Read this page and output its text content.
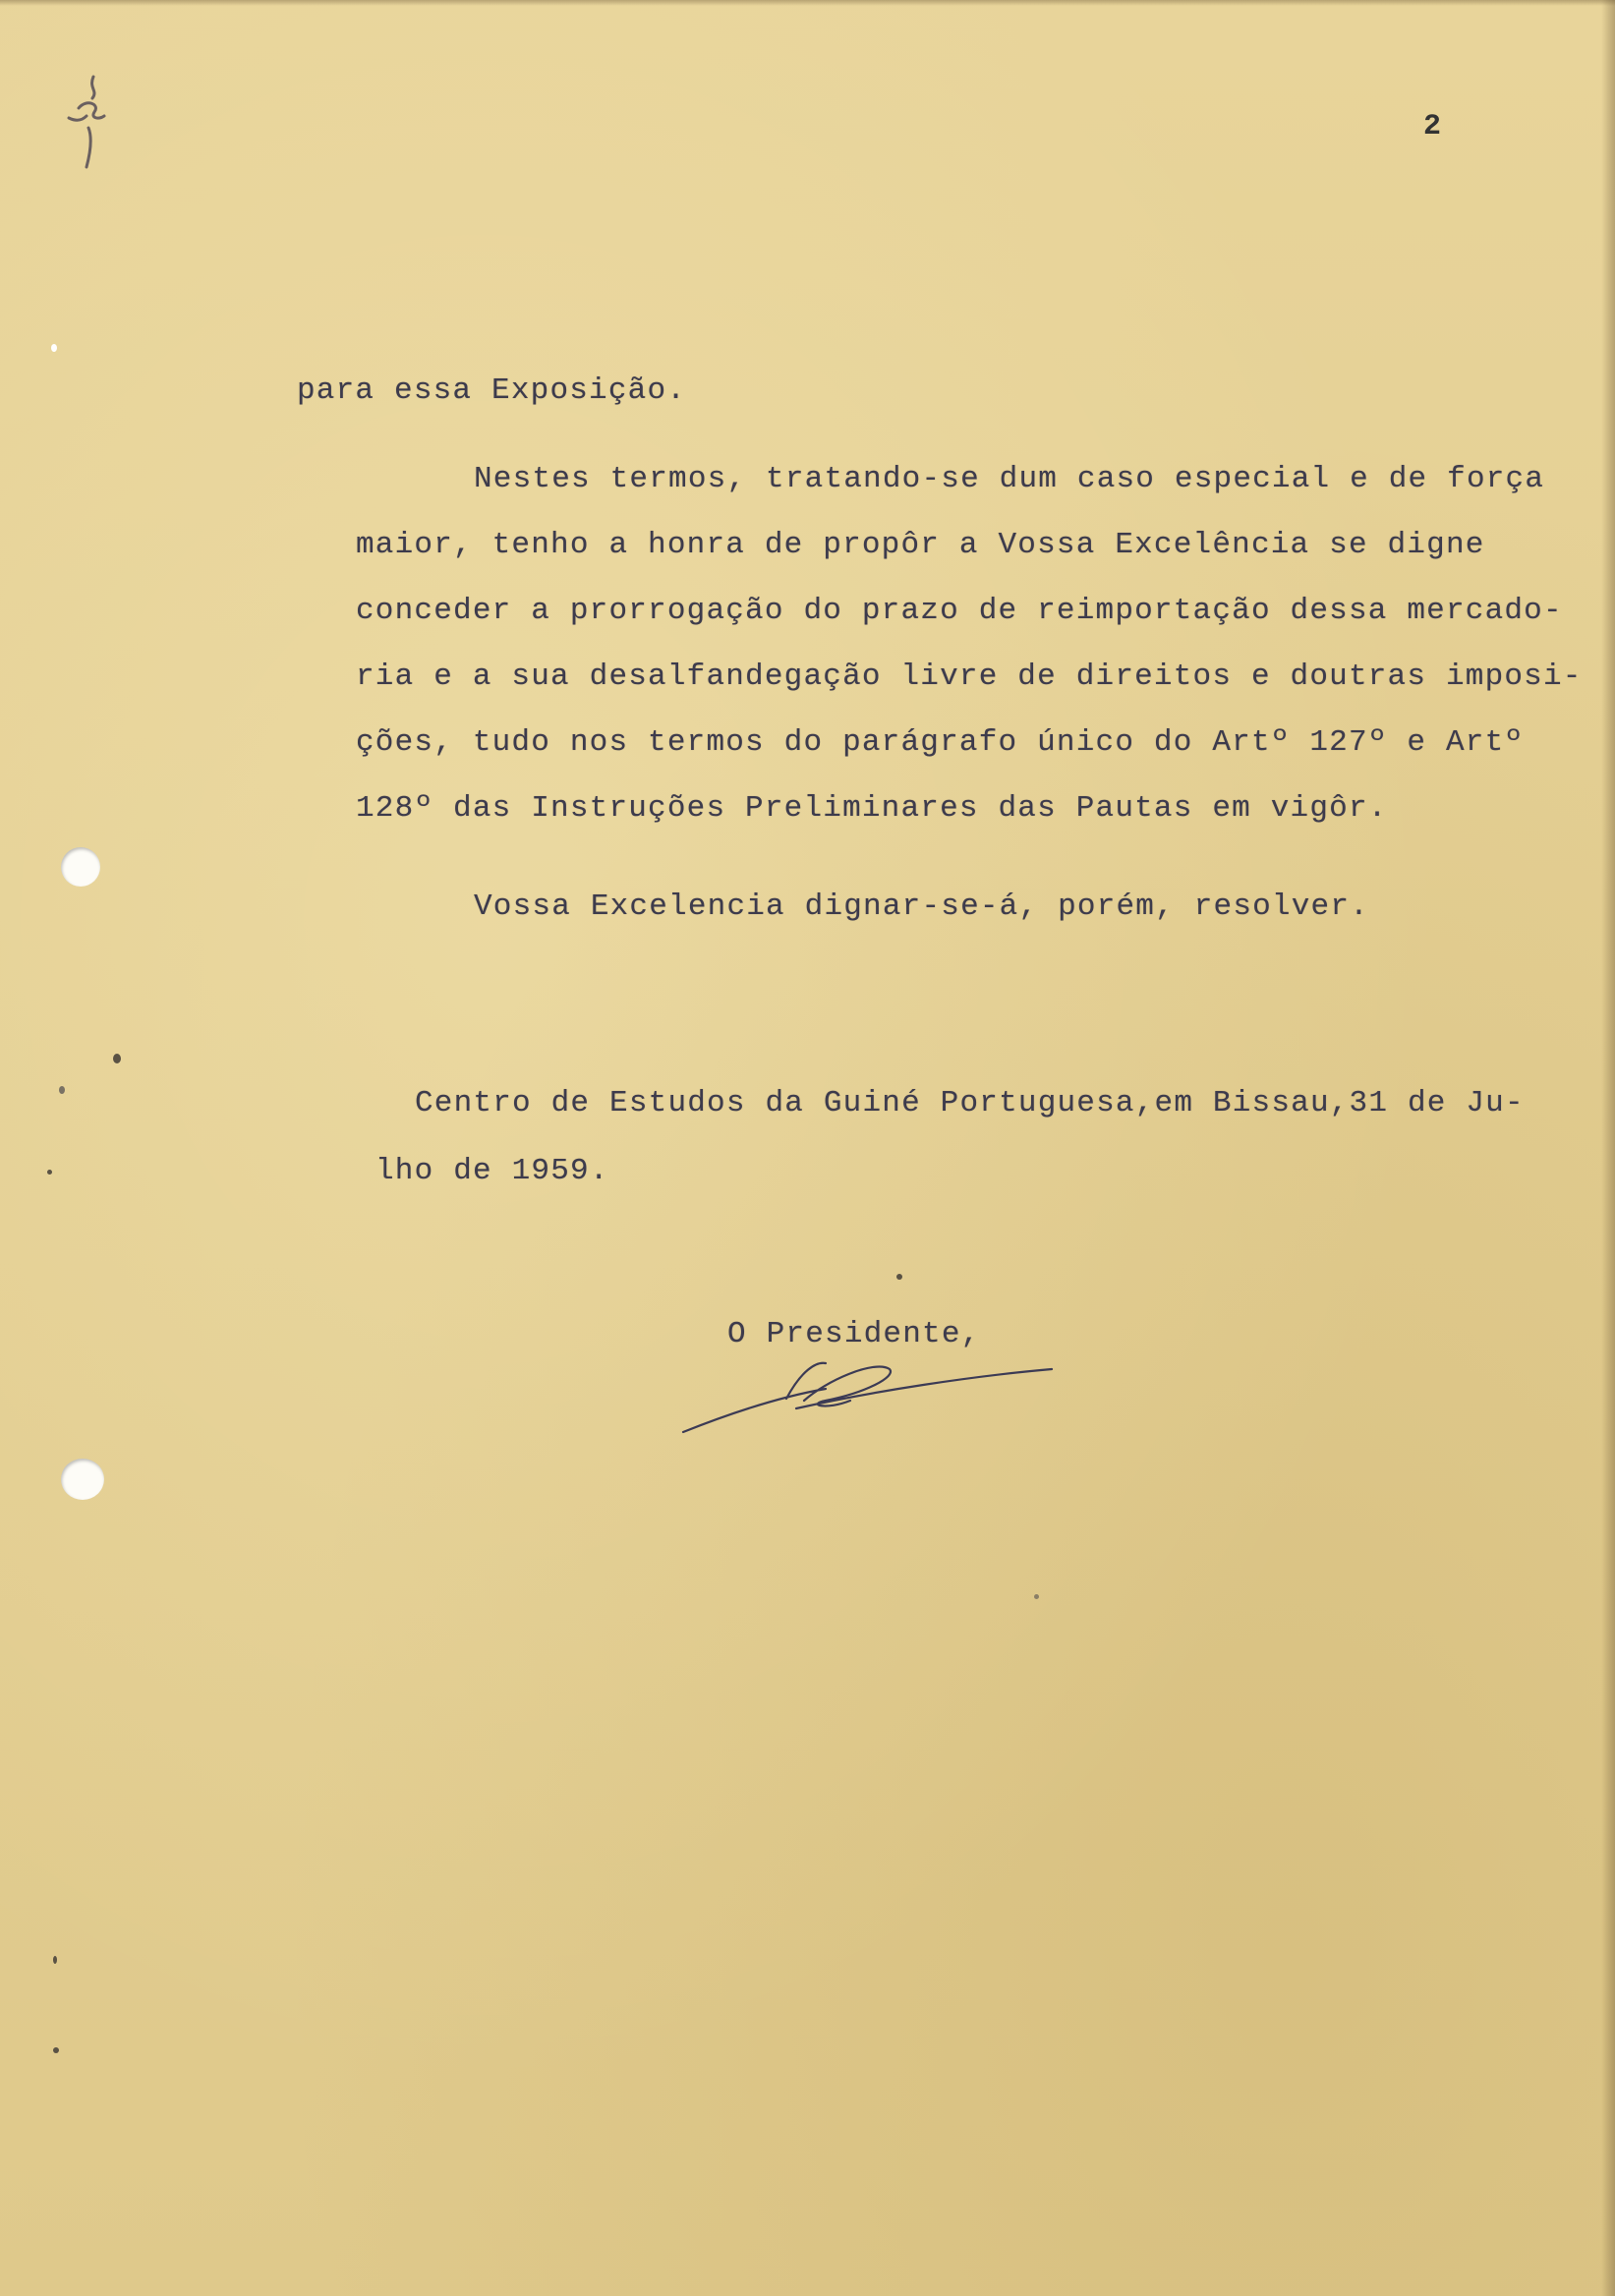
2
para essa Exposição.
Nestes termos, tratando-se dum caso especial e de força
maior, tenho a honra de propôr a Vossa Excelência se digne
conceder a prorrogação do prazo de reimportação dessa mercado-
ria e a sua desalfandegação livre de direitos e doutras imposi-
ções, tudo nos termos do parágrafo único do Artº 127º e Artº
128º das Instruções Preliminares das Pautas em vigôr.
Vossa Excelencia dignar-se-á, porém, resolver.
Centro de Estudos da Guiné Portuguesa,em Bissau,31 de Ju-
lho de 1959.
O Presidente,
